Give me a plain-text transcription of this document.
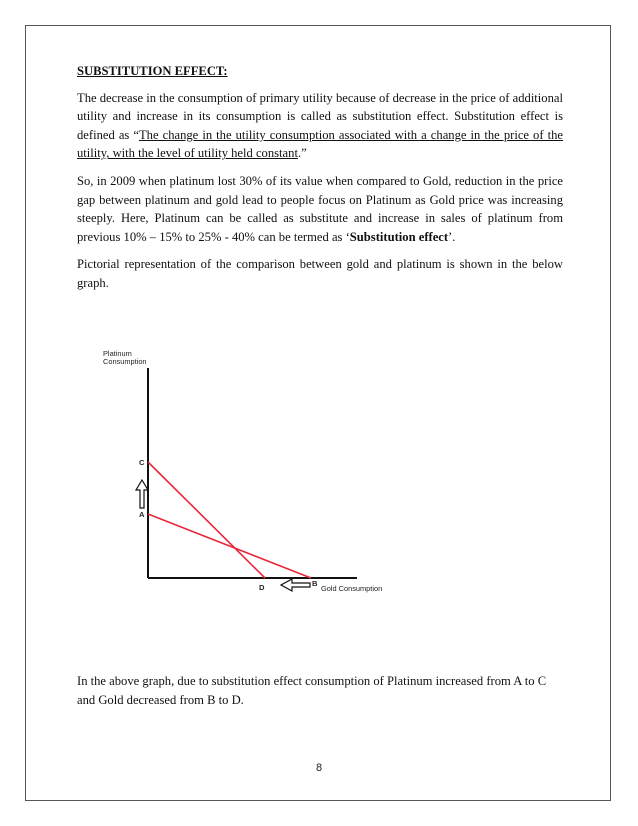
SUBSTITUTION EFFECT:

The decrease in the consumption of primary utility because of decrease in the price of additional utility and increase in its consumption is called as substitution effect. Substitution effect is defined as “The change in the utility consumption associated with a change in the price of the utility, with the level of utility held constant.”

So, in 2009 when platinum lost 30% of its value when compared to Gold, reduction in the price gap between platinum and gold lead to people focus on Platinum as Gold price was increasing steeply. Here, Platinum can be called as substitute and increase in sales of platinum from previous 10% – 15% to 25% - 40% can be termed as ‘Substitution effect’.

Pictorial representation of the comparison between gold and platinum is shown in the below graph.

Platinum
Consumption
C
A
D	B
Gold Consumption
In the above graph, due to substitution effect consumption of Platinum increased from A to C and Gold decreased from B to D.
8
